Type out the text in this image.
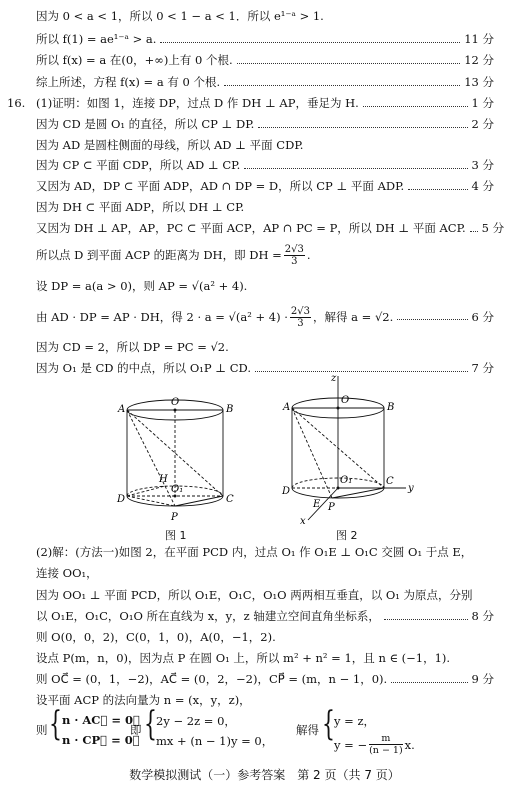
因为 0 < a < 1，所以 0 < 1 − a < 1．所以 e¹⁻ᵃ > 1.
所以 f(1) = ae¹⁻ᵃ > a.	11 分
所以 f(x) = a 在(0，+∞)上有 0 个根.	12 分
综上所述，方程 f(x) = a 有 0 个根.	13 分
16. (1)证明：如图 1，连接 DP，过点 D 作 DH ⊥ AP，垂足为 H.	1 分
因为 CD 是圆 O₁ 的直径，所以 CP ⊥ DP.	2 分
因为 AD 是圆柱侧面的母线，所以 AD ⊥ 平面 CDP.
因为 CP ⊂ 平面 CDP，所以 AD ⊥ CP.	3 分
又因为 AD，DP ⊂ 平面 ADP，AD ∩ DP = D，所以 CP ⊥ 平面 ADP.	4 分
因为 DH ⊂ 平面 ADP，所以 DH ⊥ CP.
又因为 DH ⊥ AP，AP，PC ⊂ 平面 ACP，AP ∩ PC = P，所以 DH ⊥ 平面 ACP. 5 分
所以点 D 到平面 ACP 的距离为 DH，即 DH = $\frac{2√3}{3}$ .
设 DP = a(a > 0)，则 AP = √(a² + 4).
由 AD · DP = AP · DH，得 $2 \cdot a = √(a^2 + 4) \cdot \frac{2√3}{3}$ ，解得 a = √2.	6 分
因为 CD = 2，所以 DP = PC = √2.
因为 O₁ 是 CD 的中点，所以 O₁P ⊥ CD.	7 分
A
O
B
H
O₁
D	C
P
图 1
z
A
O
B
O₁
D
C
y
E P
x
图 2
(2)解：(方法一)如图 2，在平面 PCD 内，过点 O₁ 作 O₁E ⊥ O₁C 交圆 O₁ 于点 E，
连接 OO₁，
因为 OO₁ ⊥ 平面 PCD，所以 O₁E，O₁C，O₁O 两两相互垂直，以 O₁ 为原点，分别
以 O₁E，O₁C，O₁O 所在直线为 x，y，z 轴建立空间直角坐标系，	8 分
则 O(0，0，2)，C(0，1，0)，A(0，−1，2).
设点 P(m，n，0)，因为点 P 在圆 O₁ 上，所以 m² + n² = 1，且 n ∈ (−1，1).
则 OC⃗ = (0，1，−2)，AC⃗ = (0，2，−2)，CP⃗ = (m，n − 1，0).	9 分
设平面 ACP 的法向量为 n = (x，y，z)，
则 { n · AC⃗ = 0，
n · CP⃗ = 0，
即 { 2y − 2z = 0，
mx + (n − 1)y = 0，
解得 { y = z，
y = − $\frac{m}{(n - 1)} x$.
数学模拟测试（一）参考答案　第 2 页（共 7 页）
